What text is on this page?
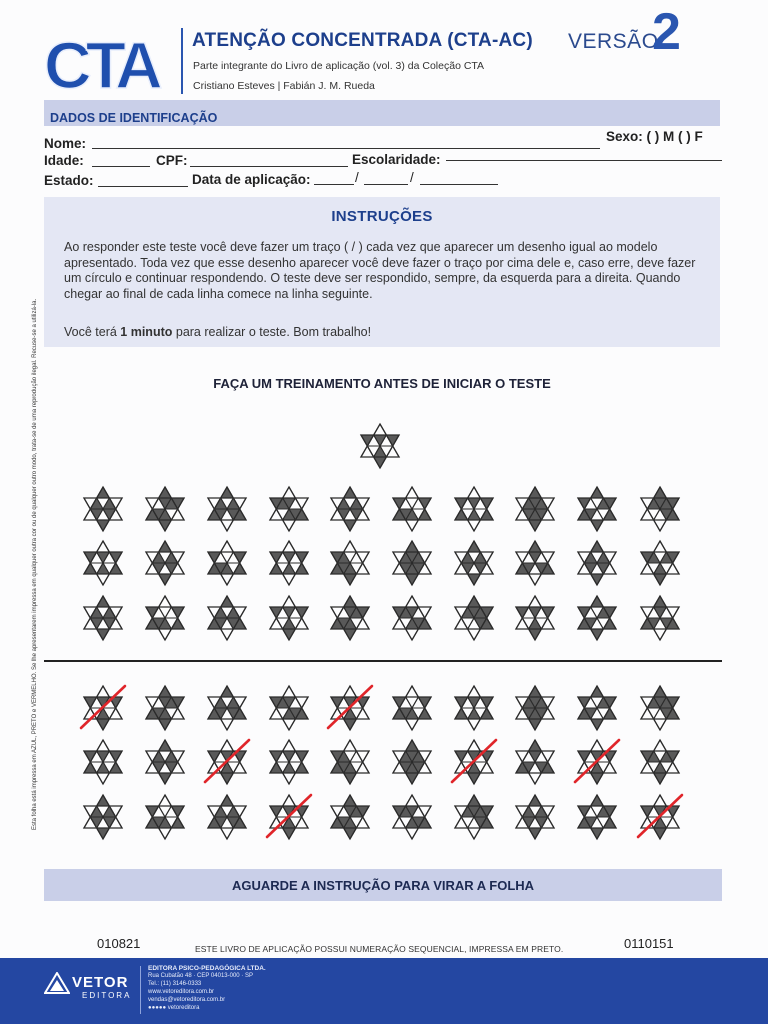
CTA ATENÇÃO CONCENTRADA (CTA-AC) VERSÃO
2
Parte integrante do Livro de aplicação (vol. 3) da Coleção CTA
Cristiano Esteves | Fabián J. M. Rueda
DADOS DE IDENTIFICAÇÃO
Nome:	Sexo: ( ) M ( ) F
Idade:	CPF:	Escolaridade:
Estado:	Data de aplicação:	/	/
INSTRUÇÕES

Ao responder este teste você deve fazer um traço ( / ) cada vez que aparecer um desenho igual ao modelo apresentado. Toda vez que esse desenho aparecer você deve fazer o traço por cima dele e, caso erre, deve fazer um círculo e continuar respondendo. O teste deve ser respondido, sempre, da esquerda para a direita. Quando chegar ao final de cada linha comece na linha seguinte.

Você terá 1 minuto para realizar o teste. Bom trabalho!
FAÇA UM TREINAMENTO ANTES DE INICIAR O TESTE
AGUARDE A INSTRUÇÃO PARA VIRAR A FOLHA
010821	ESTE LIVRO DE APLICAÇÃO POSSUI NUMERAÇÃO SEQUENCIAL, IMPRESSA EM PRETO.	0110151
Esta folha está impressa em AZUL, PRETO e VERMELHO. Se lhe apresentarem impressa em qualquer outra cor ou de qualquer outro modo, trata-se de uma reprodução ilegal. Recuse-se a utilizá-la.
VETOR
EDITORA
EDITORA PSICO-PEDAGÓGICA LTDA.
Rua Cubatão 48 · CEP 04013-000 · SP
Tel.: (11) 3146-0333
www.vetoreditora.com.br
vendas@vetoreditora.com.br
●●●●● vetoreditora
